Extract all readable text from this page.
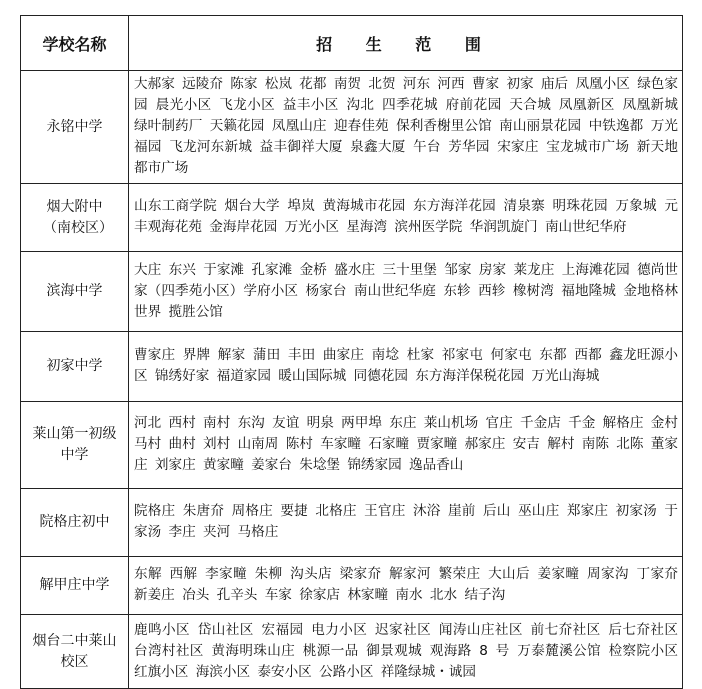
学校名称	招 生 范 围
永铭中学	大郝家 远陵夼 陈家 松岚 花都 南贺 北贺 河东 河西 曹家 初家 庙后 凤凰小区 绿色家园 晨光小区 飞龙小区 益丰小区 沟北 四季花城 府前花园 天合城 凤凰新区 凤凰新城 绿叶制药厂 天籁花园 凤凰山庄 迎春佳苑 保利香榭里公馆 南山丽景花园 中铁逸都 万光福园 飞龙河东新城 益丰御祥大厦 泉鑫大厦 午台 芳华园 宋家庄 宝龙城市广场 新天地都市广场
烟大附中（南校区）	山东工商学院 烟台大学 埠岚 黄海城市花园 东方海洋花园 清泉寨 明珠花园 万象城 元丰观海花苑 金海岸花园 万光小区 星海湾 滨州医学院 华润凯旋门 南山世纪华府
滨海中学	大庄 东兴 于家滩 孔家滩 金桥 盛水庄 三十里堡 邹家 房家 莱龙庄 上海滩花园 德尚世家（四季苑小区）学府小区 杨家台 南山世纪华庭 东轸 西轸 橡树湾 福地隆城 金地格林世界 揽胜公馆
初家中学	曹家庄 界牌 解家 蒲田 丰田 曲家庄 南埝 杜家 祁家屯 何家屯 东都 西都 鑫龙旺源小区 锦绣好家 福道家园 暖山国际城 同德花园 东方海洋保税花园 万光山海城
莱山第一初级中学	河北 西村 南村 东沟 友谊 明泉 两甲埠 东庄 莱山机场 官庄 千金店 千金 解格庄 金村 马村 曲村 刘村 山南周 陈村 车家疃 石家疃 贾家疃 郝家庄 安吉 解村 南陈 北陈 董家庄 刘家庄 黄家疃 姜家台 朱埝堡 锦绣家园 逸品香山
院格庄初中	院格庄 朱唐夼 周格庄 要捷 北格庄 王官庄 沐浴 崖前 后山 巫山庄 郑家庄 初家汤 于家汤 李庄 夹河 马格庄
解甲庄中学	东解 西解 李家疃 朱柳 沟头店 梁家夼 解家河 繁荣庄 大山后 姜家疃 周家沟 丁家夼 新姜庄 冶头 孔辛头 车家 徐家店 林家疃 南水 北水 结子沟
烟台二中莱山校区	鹿鸣小区 岱山社区 宏福园 电力小区 迟家社区 闻涛山庄社区 前七夼社区 后七夼社区 台湾村社区 黄海明珠山庄 桃源一品 御景观城 观海路 8 号 万泰麓溪公馆 检察院小区 红旗小区 海滨小区 泰安小区 公路小区 祥隆绿城・诚园
